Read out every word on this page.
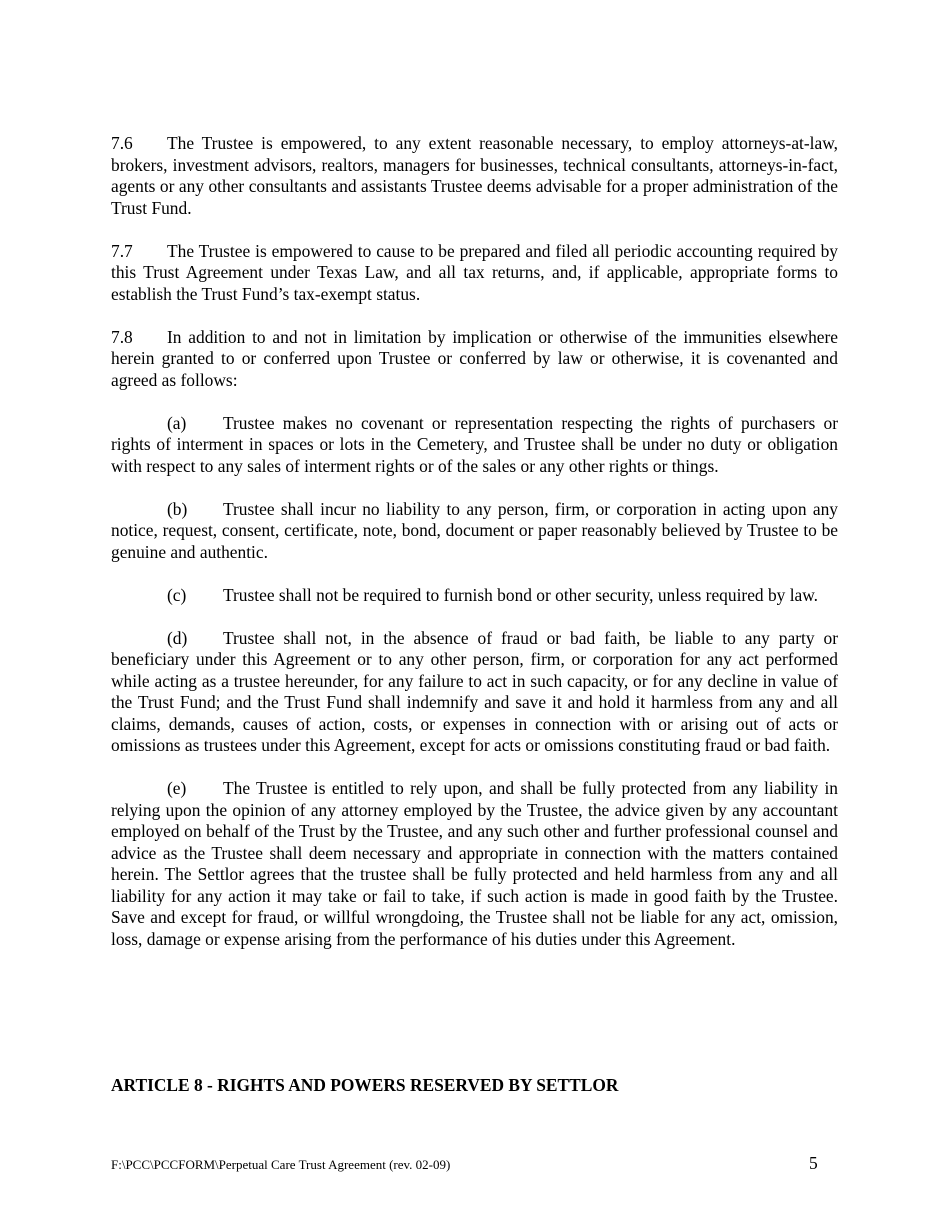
7.6 The Trustee is empowered, to any extent reasonable necessary, to employ attorneys-at-law, brokers, investment advisors, realtors, managers for businesses, technical consultants, attorneys-in-fact, agents or any other consultants and assistants Trustee deems advisable for a proper administration of the Trust Fund.

7.7 The Trustee is empowered to cause to be prepared and filed all periodic accounting required by this Trust Agreement under Texas Law, and all tax returns, and, if applicable, appropriate forms to establish the Trust Fund’s tax-exempt status.

7.8 In addition to and not in limitation by implication or otherwise of the immunities elsewhere herein granted to or conferred upon Trustee or conferred by law or otherwise, it is covenanted and agreed as follows:

(a) Trustee makes no covenant or representation respecting the rights of purchasers or rights of interment in spaces or lots in the Cemetery, and Trustee shall be under no duty or obligation with respect to any sales of interment rights or of the sales or any other rights or things.

(b) Trustee shall incur no liability to any person, firm, or corporation in acting upon any notice, request, consent, certificate, note, bond, document or paper reasonably believed by Trustee to be genuine and authentic.

(c) Trustee shall not be required to furnish bond or other security, unless required by law.

(d) Trustee shall not, in the absence of fraud or bad faith, be liable to any party or beneficiary under this Agreement or to any other person, firm, or corporation for any act performed while acting as a trustee hereunder, for any failure to act in such capacity, or for any decline in value of the Trust Fund; and the Trust Fund shall indemnify and save it and hold it harmless from any and all claims, demands, causes of action, costs, or expenses in connection with or arising out of acts or omissions as trustees under this Agreement, except for acts or omissions constituting fraud or bad faith.

(e) The Trustee is entitled to rely upon, and shall be fully protected from any liability in relying upon the opinion of any attorney employed by the Trustee, the advice given by any accountant employed on behalf of the Trust by the Trustee, and any such other and further professional counsel and advice as the Trustee shall deem necessary and appropriate in connection with the matters contained herein. The Settlor agrees that the trustee shall be fully protected and held harmless from any and all liability for any action it may take or fail to take, if such action is made in good faith by the Trustee. Save and except for fraud, or willful wrongdoing, the Trustee shall not be liable for any act, omission, loss, damage or expense arising from the performance of his duties under this Agreement.

ARTICLE 8 - RIGHTS AND POWERS RESERVED BY SETTLOR

F:\PCC\PCCFORM\Perpetual Care Trust Agreement (rev. 02-09)	5
